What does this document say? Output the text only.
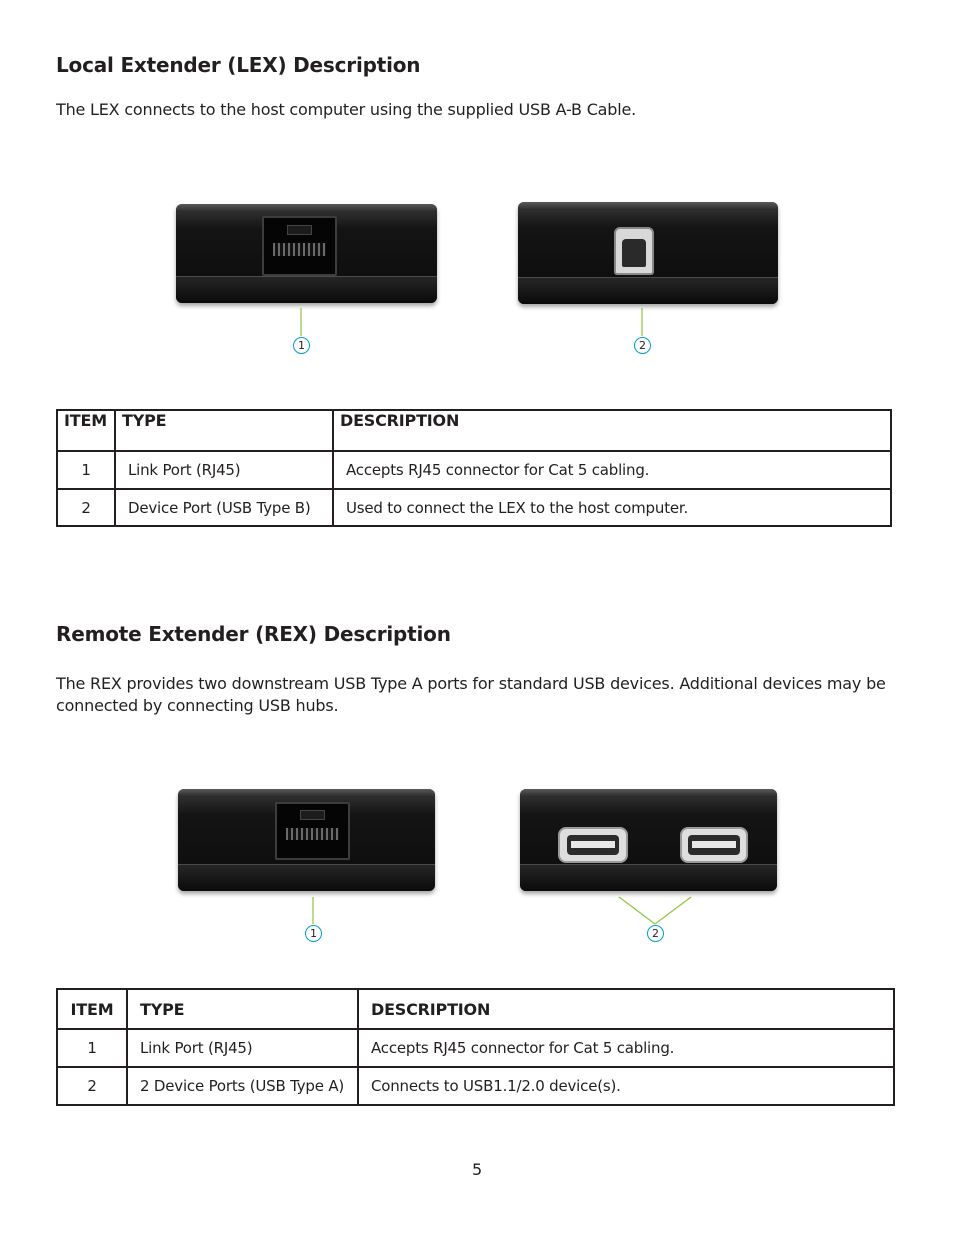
Local Extender (LEX) Description

The LEX connects to the host computer using the supplied USB A-B Cable.

1	2
ITEM	TYPE	DESCRIPTION
1	Link Port (RJ45)	Accepts RJ45 connector for Cat 5 cabling.
2	Device Port (USB Type B)	Used to connect the LEX to the host computer.
Remote Extender (REX) Description

The REX provides two downstream USB Type A ports for standard USB devices. Additional devices may be connected by connecting USB hubs.

1	2
ITEM	TYPE	DESCRIPTION
1	Link Port (RJ45)	Accepts RJ45 connector for Cat 5 cabling.
2	2 Device Ports (USB Type A)	Connects to USB1.1/2.0 device(s).
5
